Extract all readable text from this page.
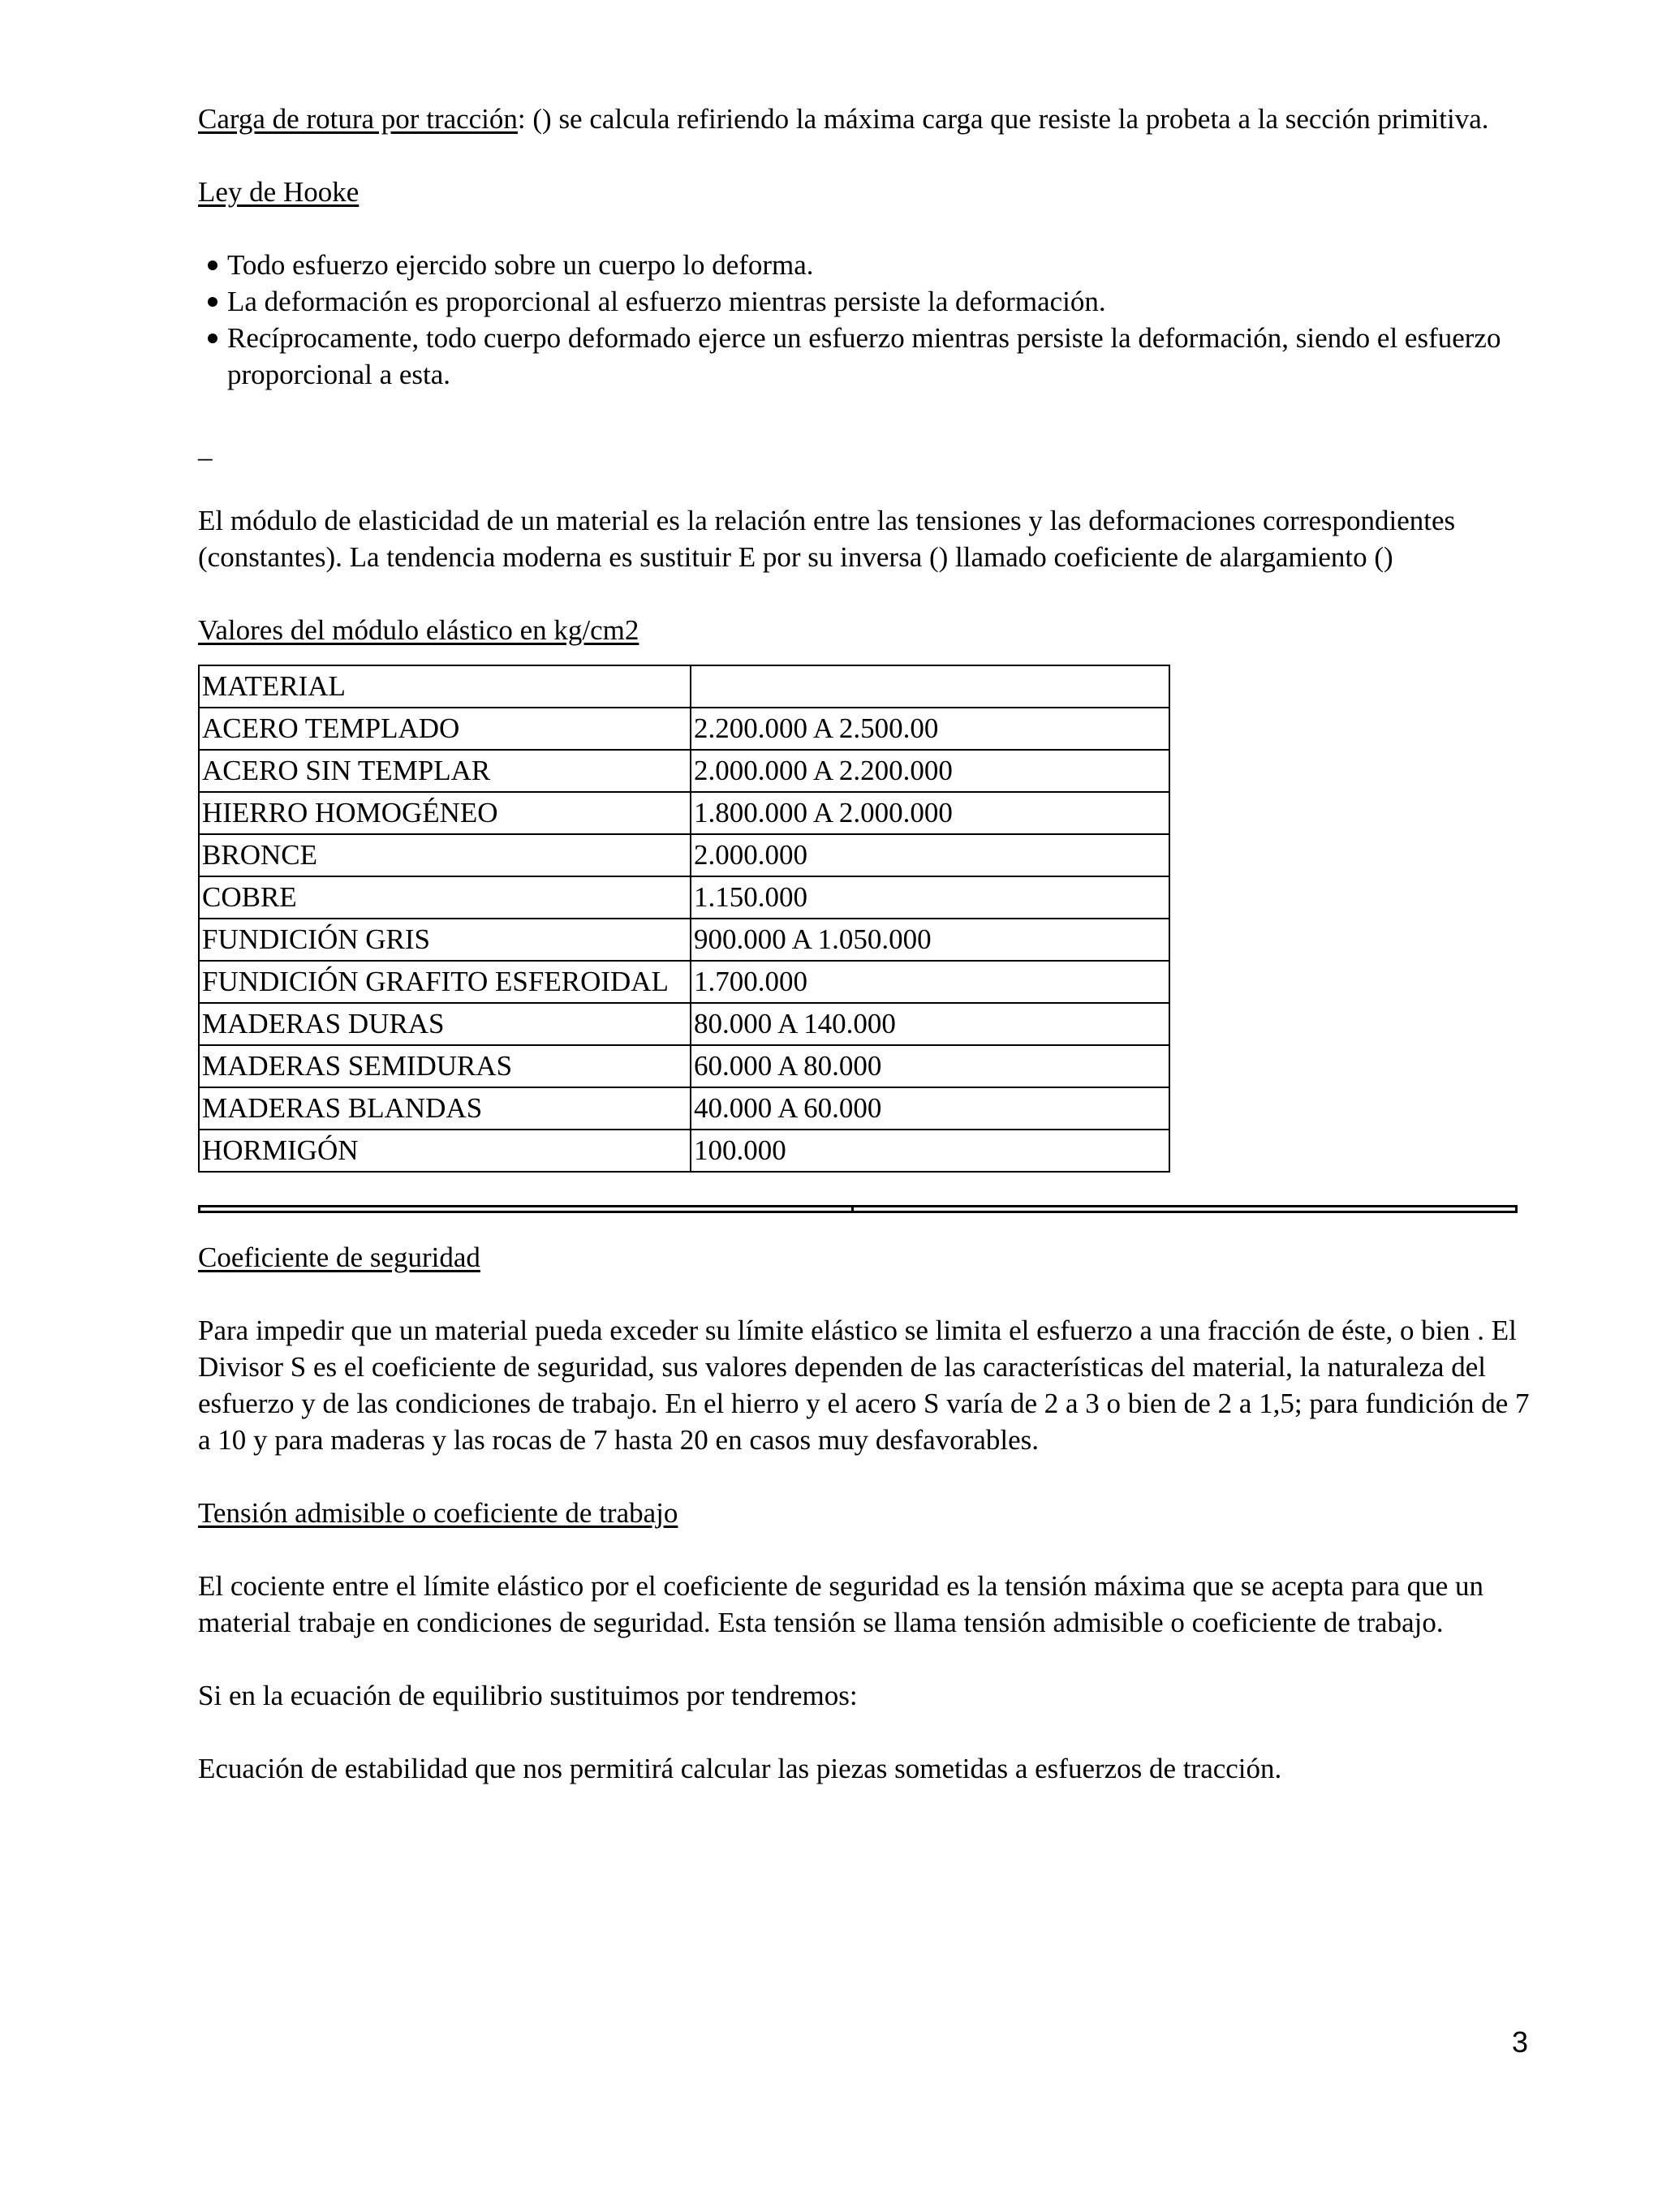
Carga de rotura por tracción: () se calcula refiriendo la máxima carga que resiste la probeta a la sección primitiva.

Ley de Hooke

Todo esfuerzo ejercido sobre un cuerpo lo deforma.
La deformación es proporcional al esfuerzo mientras persiste la deformación.
Recíprocamente, todo cuerpo deformado ejerce un esfuerzo mientras persiste la deformación, siendo el esfuerzo proporcional a esta.

_

El módulo de elasticidad de un material es la relación entre las tensiones y las deformaciones correspondientes (constantes). La tendencia moderna es sustituir E por su inversa () llamado coeficiente de alargamiento ()

Valores del módulo elástico en kg/cm2

MATERIAL	
ACERO TEMPLADO	2.200.000 A 2.500.00
ACERO SIN TEMPLAR	2.000.000 A 2.200.000
HIERRO HOMOGÉNEO	1.800.000 A 2.000.000
BRONCE	2.000.000
COBRE	1.150.000
FUNDICIÓN GRIS	900.000 A 1.050.000
FUNDICIÓN GRAFITO ESFEROIDAL	1.700.000
MADERAS DURAS	80.000 A 140.000
MADERAS SEMIDURAS	60.000 A 80.000
MADERAS BLANDAS	40.000 A 60.000
HORMIGÓN	100.000

Coeficiente de seguridad

Para impedir que un material pueda exceder su límite elástico se limita el esfuerzo a una fracción de éste, o bien . El Divisor S es el coeficiente de seguridad, sus valores dependen de las características del material, la naturaleza del esfuerzo y de las condiciones de trabajo. En el hierro y el acero S varía de 2 a 3 o bien de 2 a 1,5; para fundición de 7 a 10 y para maderas y las rocas de 7 hasta 20 en casos muy desfavorables.

Tensión admisible o coeficiente de trabajo

El cociente entre el límite elástico por el coeficiente de seguridad es la tensión máxima que se acepta para que un material trabaje en condiciones de seguridad. Esta tensión se llama tensión admisible o coeficiente de trabajo.

Si en la ecuación de equilibrio sustituimos por tendremos:

Ecuación de estabilidad que nos permitirá calcular las piezas sometidas a esfuerzos de tracción.

3
